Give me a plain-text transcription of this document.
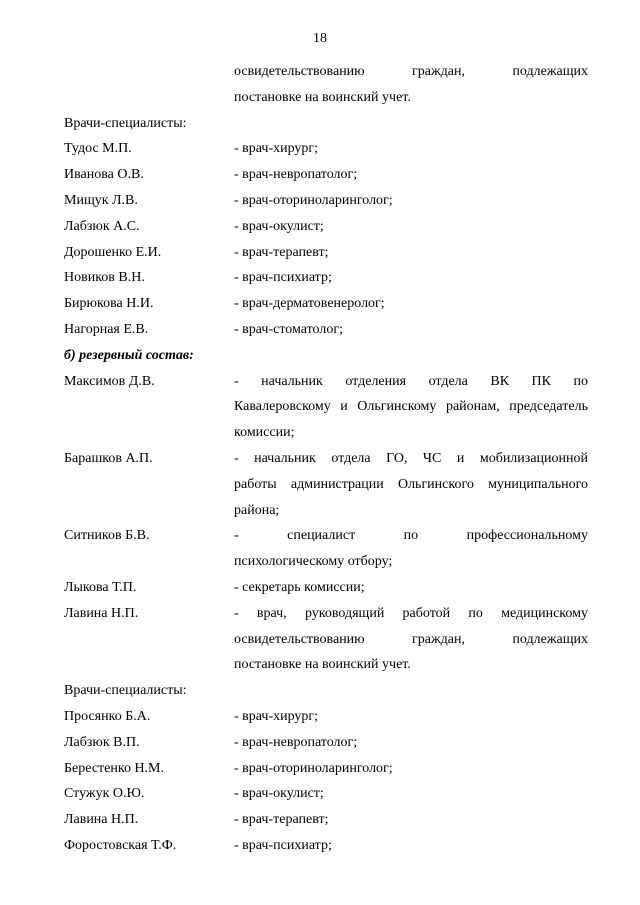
18
освидетельствованию граждан, подлежащих
постановке на воинский учет.
Врачи-специалисты:
Тудос М.П.	- врач-хирург;
Иванова О.В.	- врач-невропатолог;
Мищук Л.В.	- врач-оториноларинголог;
Лабзюк А.С.	- врач-окулист;
Дорошенко Е.И.	- врач-терапевт;
Новиков В.Н.	- врач-психиатр;
Бирюкова Н.И.	- врач-дерматовенеролог;
Нагорная Е.В.	- врач-стоматолог;
б) резервный состав:
Максимов Д.В.	- начальник отделения отдела ВК ПК по
Кавалеровскому и Ольгинскому районам, председатель
комиссии;
Барашков А.П.	- начальник отдела ГО, ЧС и мобилизационной
работы администрации Ольгинского муниципального
района;
Ситников Б.В.	- специалист по профессиональному
психологическому отбору;
Лыкова Т.П.	- секретарь комиссии;
Лавина Н.П.	- врач, руководящий работой по медицинскому
освидетельствованию граждан, подлежащих
постановке на воинский учет.
Врачи-специалисты:
Просянко Б.А.	- врач-хирург;
Лабзюк В.П.	- врач-невропатолог;
Берестенко Н.М.	- врач-оториноларинголог;
Стужук О.Ю.	- врач-окулист;
Лавина Н.П.	- врач-терапевт;
Форостовская Т.Ф.	- врач-психиатр;
